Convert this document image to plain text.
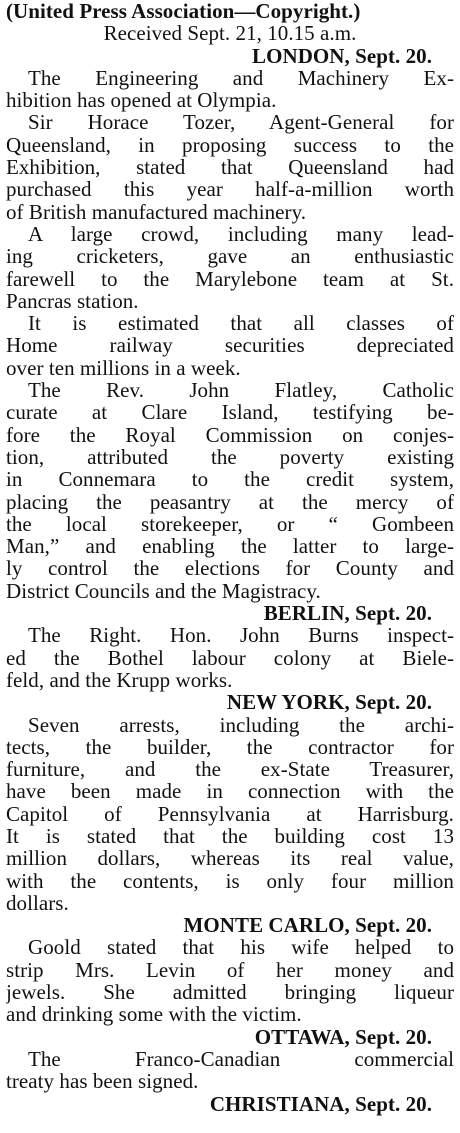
(United Press Association—Copyright.)
Received Sept. 21, 10.15 a.m.
LONDON, Sept. 20.
The Engineering and Machinery Ex-
hibition has opened at Olympia.
Sir Horace Tozer, Agent-General for
Queensland, in proposing success to the
Exhibition, stated that Queensland had
purchased this year half-a-million worth
of British manufactured machinery.
A large crowd, including many lead-
ing cricketers, gave an enthusiastic
farewell to the Marylebone team at St.
Pancras station.
It is estimated that all classes of
Home railway securities depreciated
over ten millions in a week.
The Rev. John Flatley, Catholic
curate at Clare Island, testifying be-
fore the Royal Commission on conjes-
tion, attributed the poverty existing
in Connemara to the credit system,
placing the peasantry at the mercy of
the local storekeeper, or “ Gombeen
Man,” and enabling the latter to large-
ly control the elections for County and
District Councils and the Magistracy.
BERLIN, Sept. 20.
The Right. Hon. John Burns inspect-
ed the Bothel labour colony at Biele-
feld, and the Krupp works.
NEW YORK, Sept. 20.
Seven arrests, including the archi-
tects, the builder, the contractor for
furniture, and the ex-State Treasurer,
have been made in connection with the
Capitol of Pennsylvania at Harrisburg.
It is stated that the building cost 13
million dollars, whereas its real value,
with the contents, is only four million
dollars.
MONTE CARLO, Sept. 20.
Goold stated that his wife helped to
strip Mrs. Levin of her money and
jewels. She admitted bringing liqueur
and drinking some with the victim.
OTTAWA, Sept. 20.
The Franco-Canadian commercial
treaty has been signed.
CHRISTIANA, Sept. 20.
